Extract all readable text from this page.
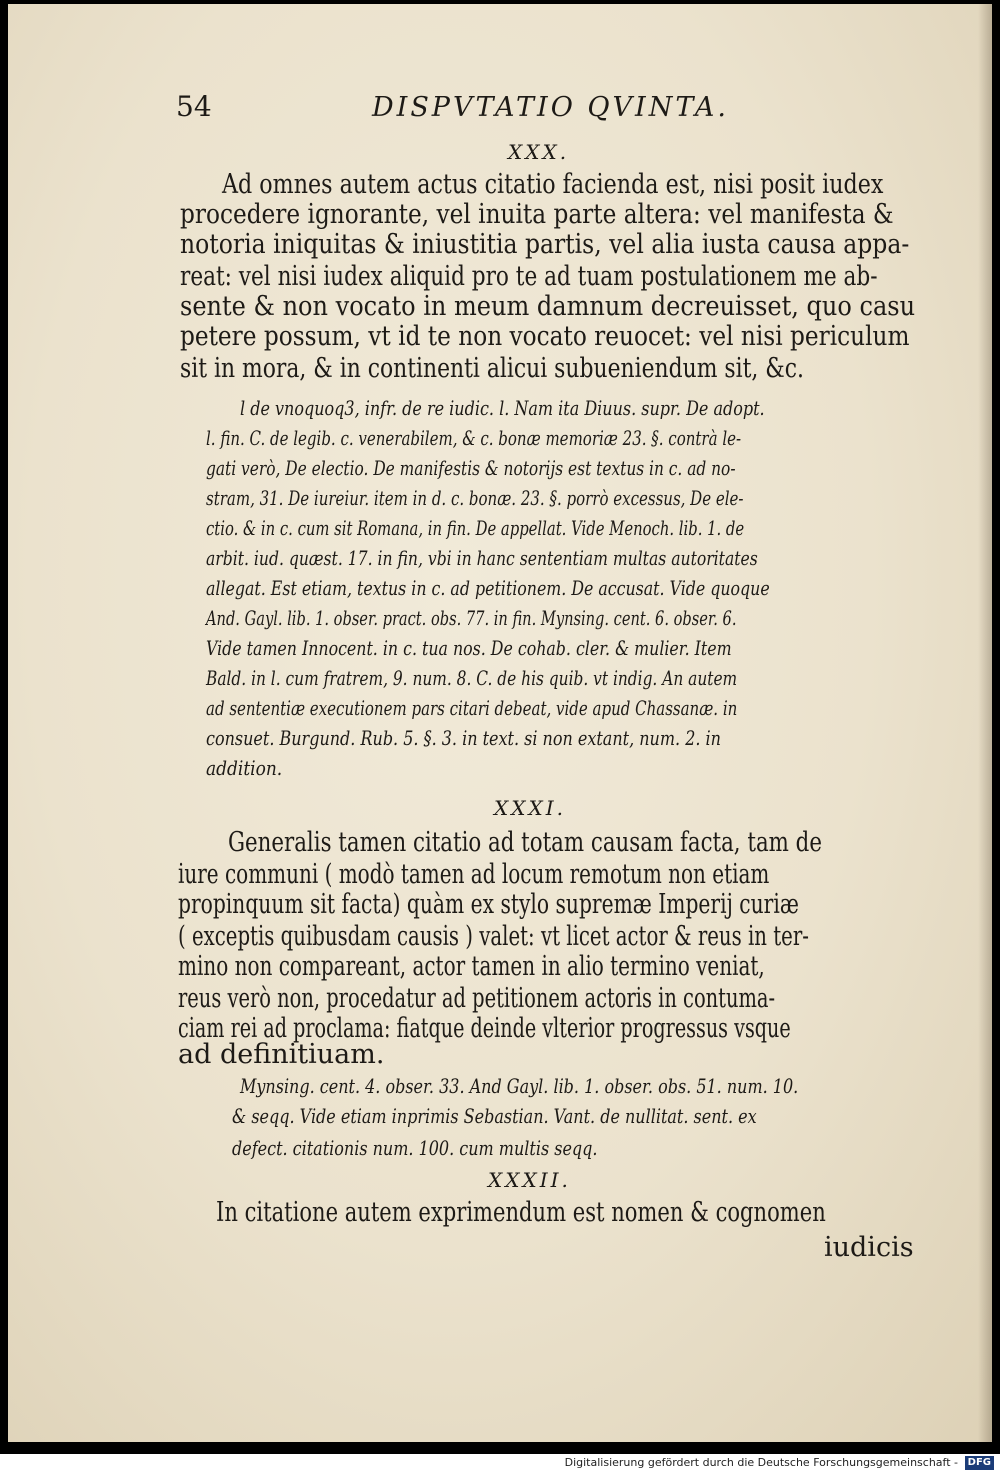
54	DISPVTATIO QVINTA.
XXX.
Ad omnes autem actus citatio facienda est, nisi posit iudex
procedere ignorante, vel inuita parte altera: vel manifesta &
notoria iniquitas & iniustitia partis, vel alia iusta causa appa-
reat: vel nisi iudex aliquid pro te ad tuam postulationem me ab-
sente & non vocato in meum damnum decreuisset, quo casu
petere possum, vt id te non vocato reuocet: vel nisi periculum
sit in mora, & in continenti alicui subueniendum sit, &c.
l de vnoquoq3, infr. de re iudic. l. Nam ita Diuus. supr. De adopt.
l. fin. C. de legib. c. venerabilem, & c. bonæ memoriæ 23. §. contrà le-
gati verò, De electio. De manifestis & notorijs est textus in c. ad no-
stram, 31. De iureiur. item in d. c. bonæ. 23. §. porrò excessus, De ele-
ctio. & in c. cum sit Romana, in fin. De appellat. Vide Menoch. lib. 1. de
arbit. iud. quæst. 17. in fin, vbi in hanc sententiam multas autoritates
allegat. Est etiam, textus in c. ad petitionem. De accusat. Vide quoque
And. Gayl. lib. 1. obser. pract. obs. 77. in fin. Mynsing. cent. 6. obser. 6.
Vide tamen Innocent. in c. tua nos. De cohab. cler. & mulier. Item
Bald. in l. cum fratrem, 9. num. 8. C. de his quib. vt indig. An autem
ad sententiæ executionem pars citari debeat, vide apud Chassanæ. in
consuet. Burgund. Rub. 5. §. 3. in text. si non extant, num. 2. in
addition.
XXXI.
Generalis tamen citatio ad totam causam facta, tam de
iure communi ( modò tamen ad locum remotum non etiam
propinquum sit facta) quàm ex stylo supremæ Imperij curiæ
( exceptis quibusdam causis ) valet: vt licet actor & reus in ter-
mino non compareant, actor tamen in alio termino veniat,
reus verò non, procedatur ad petitionem actoris in contuma-
ciam rei ad proclama: fiatque deinde vlterior progressus vsque
ad definitiuam.
Mynsing. cent. 4. obser. 33. And Gayl. lib. 1. obser. obs. 51. num. 10.
& seqq. Vide etiam inprimis Sebastian. Vant. de nullitat. sent. ex
defect. citationis num. 100. cum multis seqq.
XXXII.
In citatione autem exprimendum est nomen & cognomen
iudicis
Digitalisierung gefördert durch die Deutsche Forschungsgemeinschaft - DFG
